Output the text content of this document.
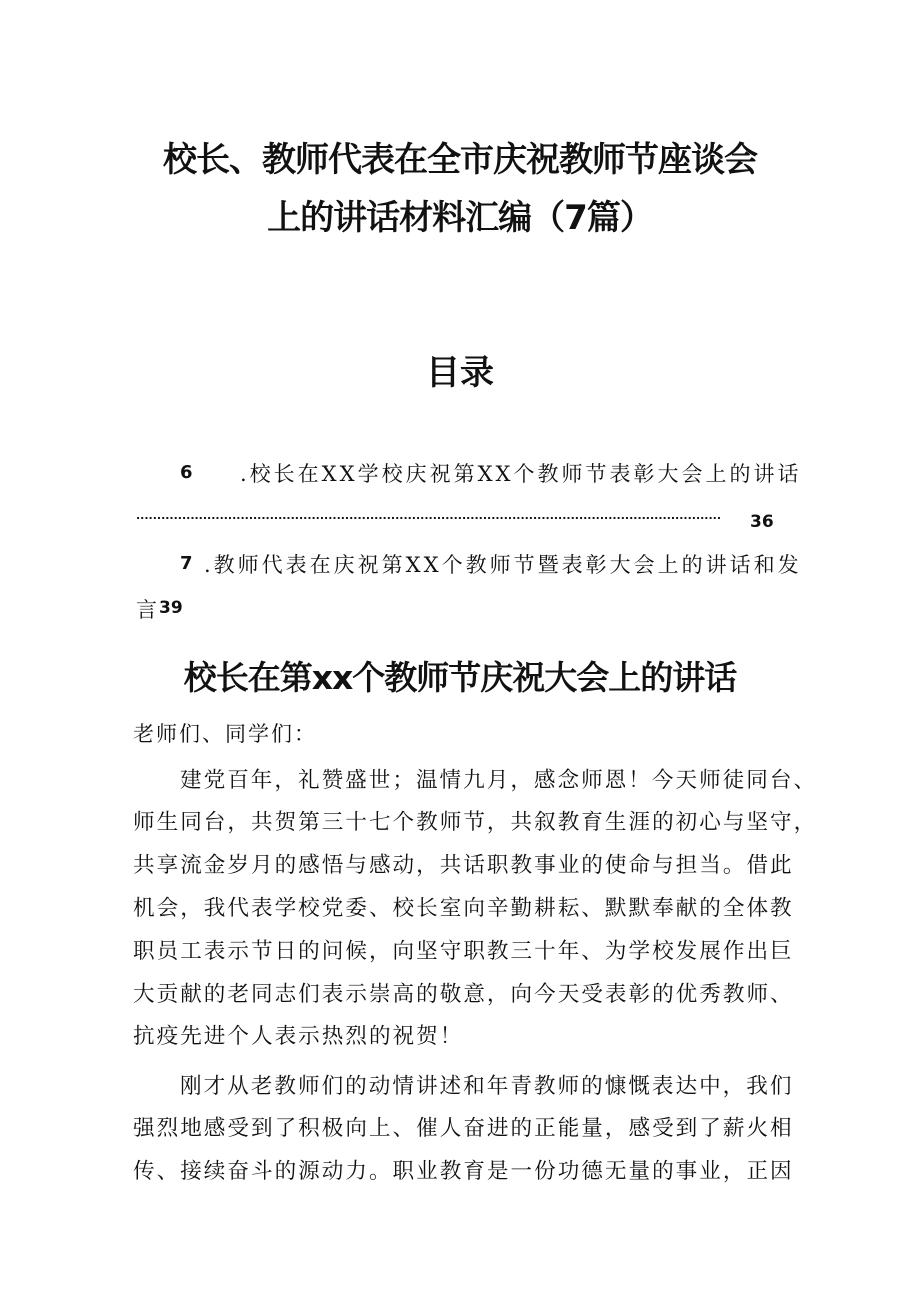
校长、教师代表在全市庆祝教师节座谈会
上的讲话材料汇编（7篇）
目录
6 .校长在XX学校庆祝第XX个教师节表彰大会上的讲话
............................................................................................................................................	36
7 .教师代表在庆祝第XX个教师节暨表彰大会上的讲话和发
言 39
校长在第xx个教师节庆祝大会上的讲话
老师们、同学们：
建党百年，礼赞盛世；温情九月，感念师恩！今天师徒同台、
师生同台，共贺第三十七个教师节，共叙教育生涯的初心与坚守，
共享流金岁月的感悟与感动，共话职教事业的使命与担当。借此
机会，我代表学校党委、校长室向辛勤耕耘、默默奉献的全体教
职员工表示节日的问候，向坚守职教三十年、为学校发展作出巨
大贡献的老同志们表示崇高的敬意，向今天受表彰的优秀教师、
抗疫先进个人表示热烈的祝贺！
刚才从老教师们的动情讲述和年青教师的慷慨表达中，我们
强烈地感受到了积极向上、催人奋进的正能量，感受到了薪火相
传、接续奋斗的源动力。职业教育是一份功德无量的事业，正因
